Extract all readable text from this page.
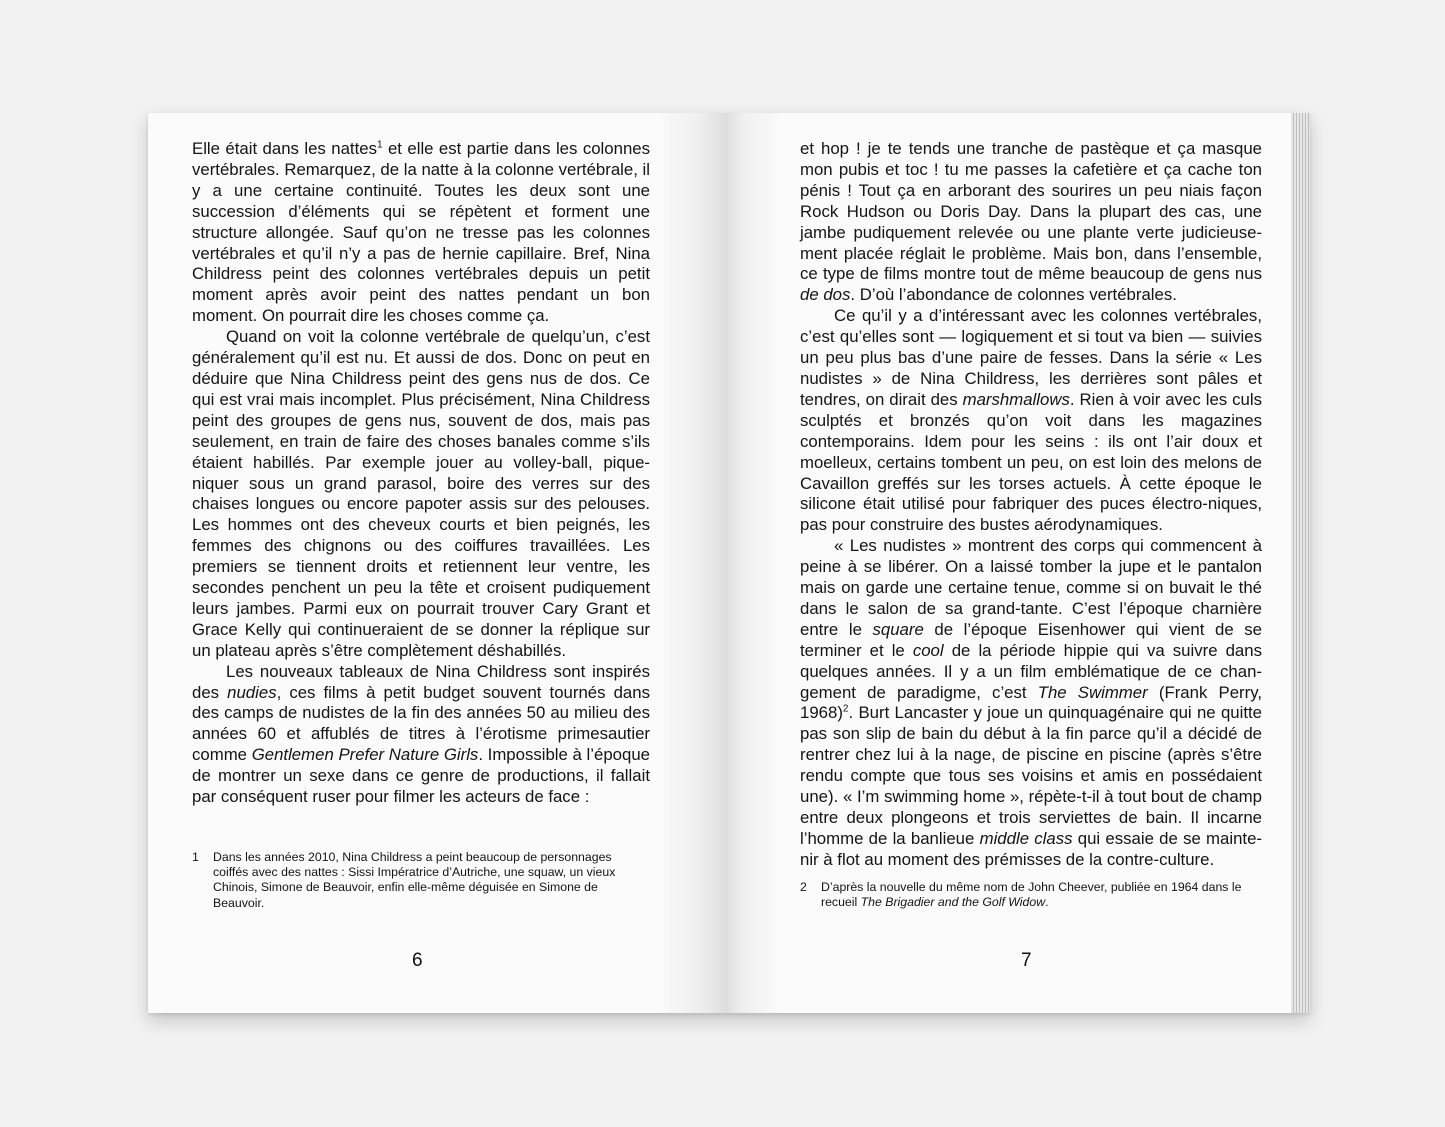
Elle était dans les nattes$^1$ et elle est partie dans les colonnes vertébrales. Remarquez, de la natte à la colonne vertébrale, il y a une certaine continuité. Toutes les deux sont une succession d’éléments qui se répètent et forment une structure allongée. Sauf qu’on ne tresse pas les colonnes vertébrales et qu’il n’y a pas de hernie capillaire. Bref, Nina Childress peint des colonnes vertébrales depuis un petit moment après avoir peint des nattes pendant un bon moment. On pourrait dire les choses comme ça.

Quand on voit la colonne vertébrale de quelqu’un, c’est généralement qu’il est nu. Et aussi de dos. Donc on peut en déduire que Nina Childress peint des gens nus de dos. Ce qui est vrai mais incomplet. Plus précisément, Nina Childress peint des groupes de gens nus, souvent de dos, mais pas seulement, en train de faire des choses banales comme s’ils étaient habillés. Par exemple jouer au volley-ball, pique-niquer sous un grand parasol, boire des verres sur des chaises longues ou encore papoter assis sur des pelouses. Les hommes ont des cheveux courts et bien peignés, les femmes des chignons ou des coiffures travaillées. Les premiers se tiennent droits et retiennent leur ventre, les secondes penchent un peu la tête et croisent pudiquement leurs jambes. Parmi eux on pourrait trouver Cary Grant et Grace Kelly qui continueraient de se donner la réplique sur un plateau après s’être complètement déshabillés.

Les nouveaux tableaux de Nina Childress sont inspirés des nudies, ces films à petit budget souvent tournés dans des camps de nudistes de la fin des années 50 au milieu des années 60 et affublés de titres à l’érotisme primesautier comme Gentlemen Prefer Nature Girls. Impossible à l’époque de montrer un sexe dans ce genre de productions, il fallait par conséquent ruser pour filmer les acteurs de face :

1 Dans les années 2010, Nina Childress a peint beaucoup de personnages coiffés avec des nattes : Sissi Impératrice d’Autriche, une squaw, un vieux Chinois, Simone de Beauvoir, enfin elle-même déguisée en Simone de Beauvoir.
6

et hop ! je te tends une tranche de pastèque et ça masque mon pubis et toc ! tu me passes la cafetière et ça cache ton pénis ! Tout ça en arborant des sourires un peu niais façon Rock Hudson ou Doris Day. Dans la plupart des cas, une jambe pudiquement relevée ou une plante verte judicieuse-ment placée réglait le problème. Mais bon, dans l’ensemble, ce type de films montre tout de même beaucoup de gens nus de dos. D’où l’abondance de colonnes vertébrales.

Ce qu’il y a d’intéressant avec les colonnes vertébrales, c’est qu’elles sont — logiquement et si tout va bien — suivies un peu plus bas d’une paire de fesses. Dans la série « Les nudistes » de Nina Childress, les derrières sont pâles et tendres, on dirait des marshmallows. Rien à voir avec les culs sculptés et bronzés qu’on voit dans les magazines contemporains. Idem pour les seins : ils ont l’air doux et moelleux, certains tombent un peu, on est loin des melons de Cavaillon greffés sur les torses actuels. À cette époque le silicone était utilisé pour fabriquer des puces électro-niques, pas pour construire des bustes aérodynamiques.

« Les nudistes » montrent des corps qui commencent à peine à se libérer. On a laissé tomber la jupe et le pantalon mais on garde une certaine tenue, comme si on buvait le thé dans le salon de sa grand-tante. C’est l’époque charnière entre le square de l’époque Eisenhower qui vient de se terminer et le cool de la période hippie qui va suivre dans quelques années. Il y a un film emblématique de ce chan-gement de paradigme, c’est The Swimmer (Frank Perry, 1968)$^2$. Burt Lancaster y joue un quinquagénaire qui ne quitte pas son slip de bain du début à la fin parce qu’il a décidé de rentrer chez lui à la nage, de piscine en piscine (après s’être rendu compte que tous ses voisins et amis en possédaient une). « I’m swimming home », répète-t-il à tout bout de champ entre deux plongeons et trois serviettes de bain. Il incarne l’homme de la banlieue middle class qui essaie de se mainte-nir à flot au moment des prémisses de la contre-culture.

2 D’après la nouvelle du même nom de John Cheever, publiée en 1964 dans le recueil The Brigadier and the Golf Widow.
7
